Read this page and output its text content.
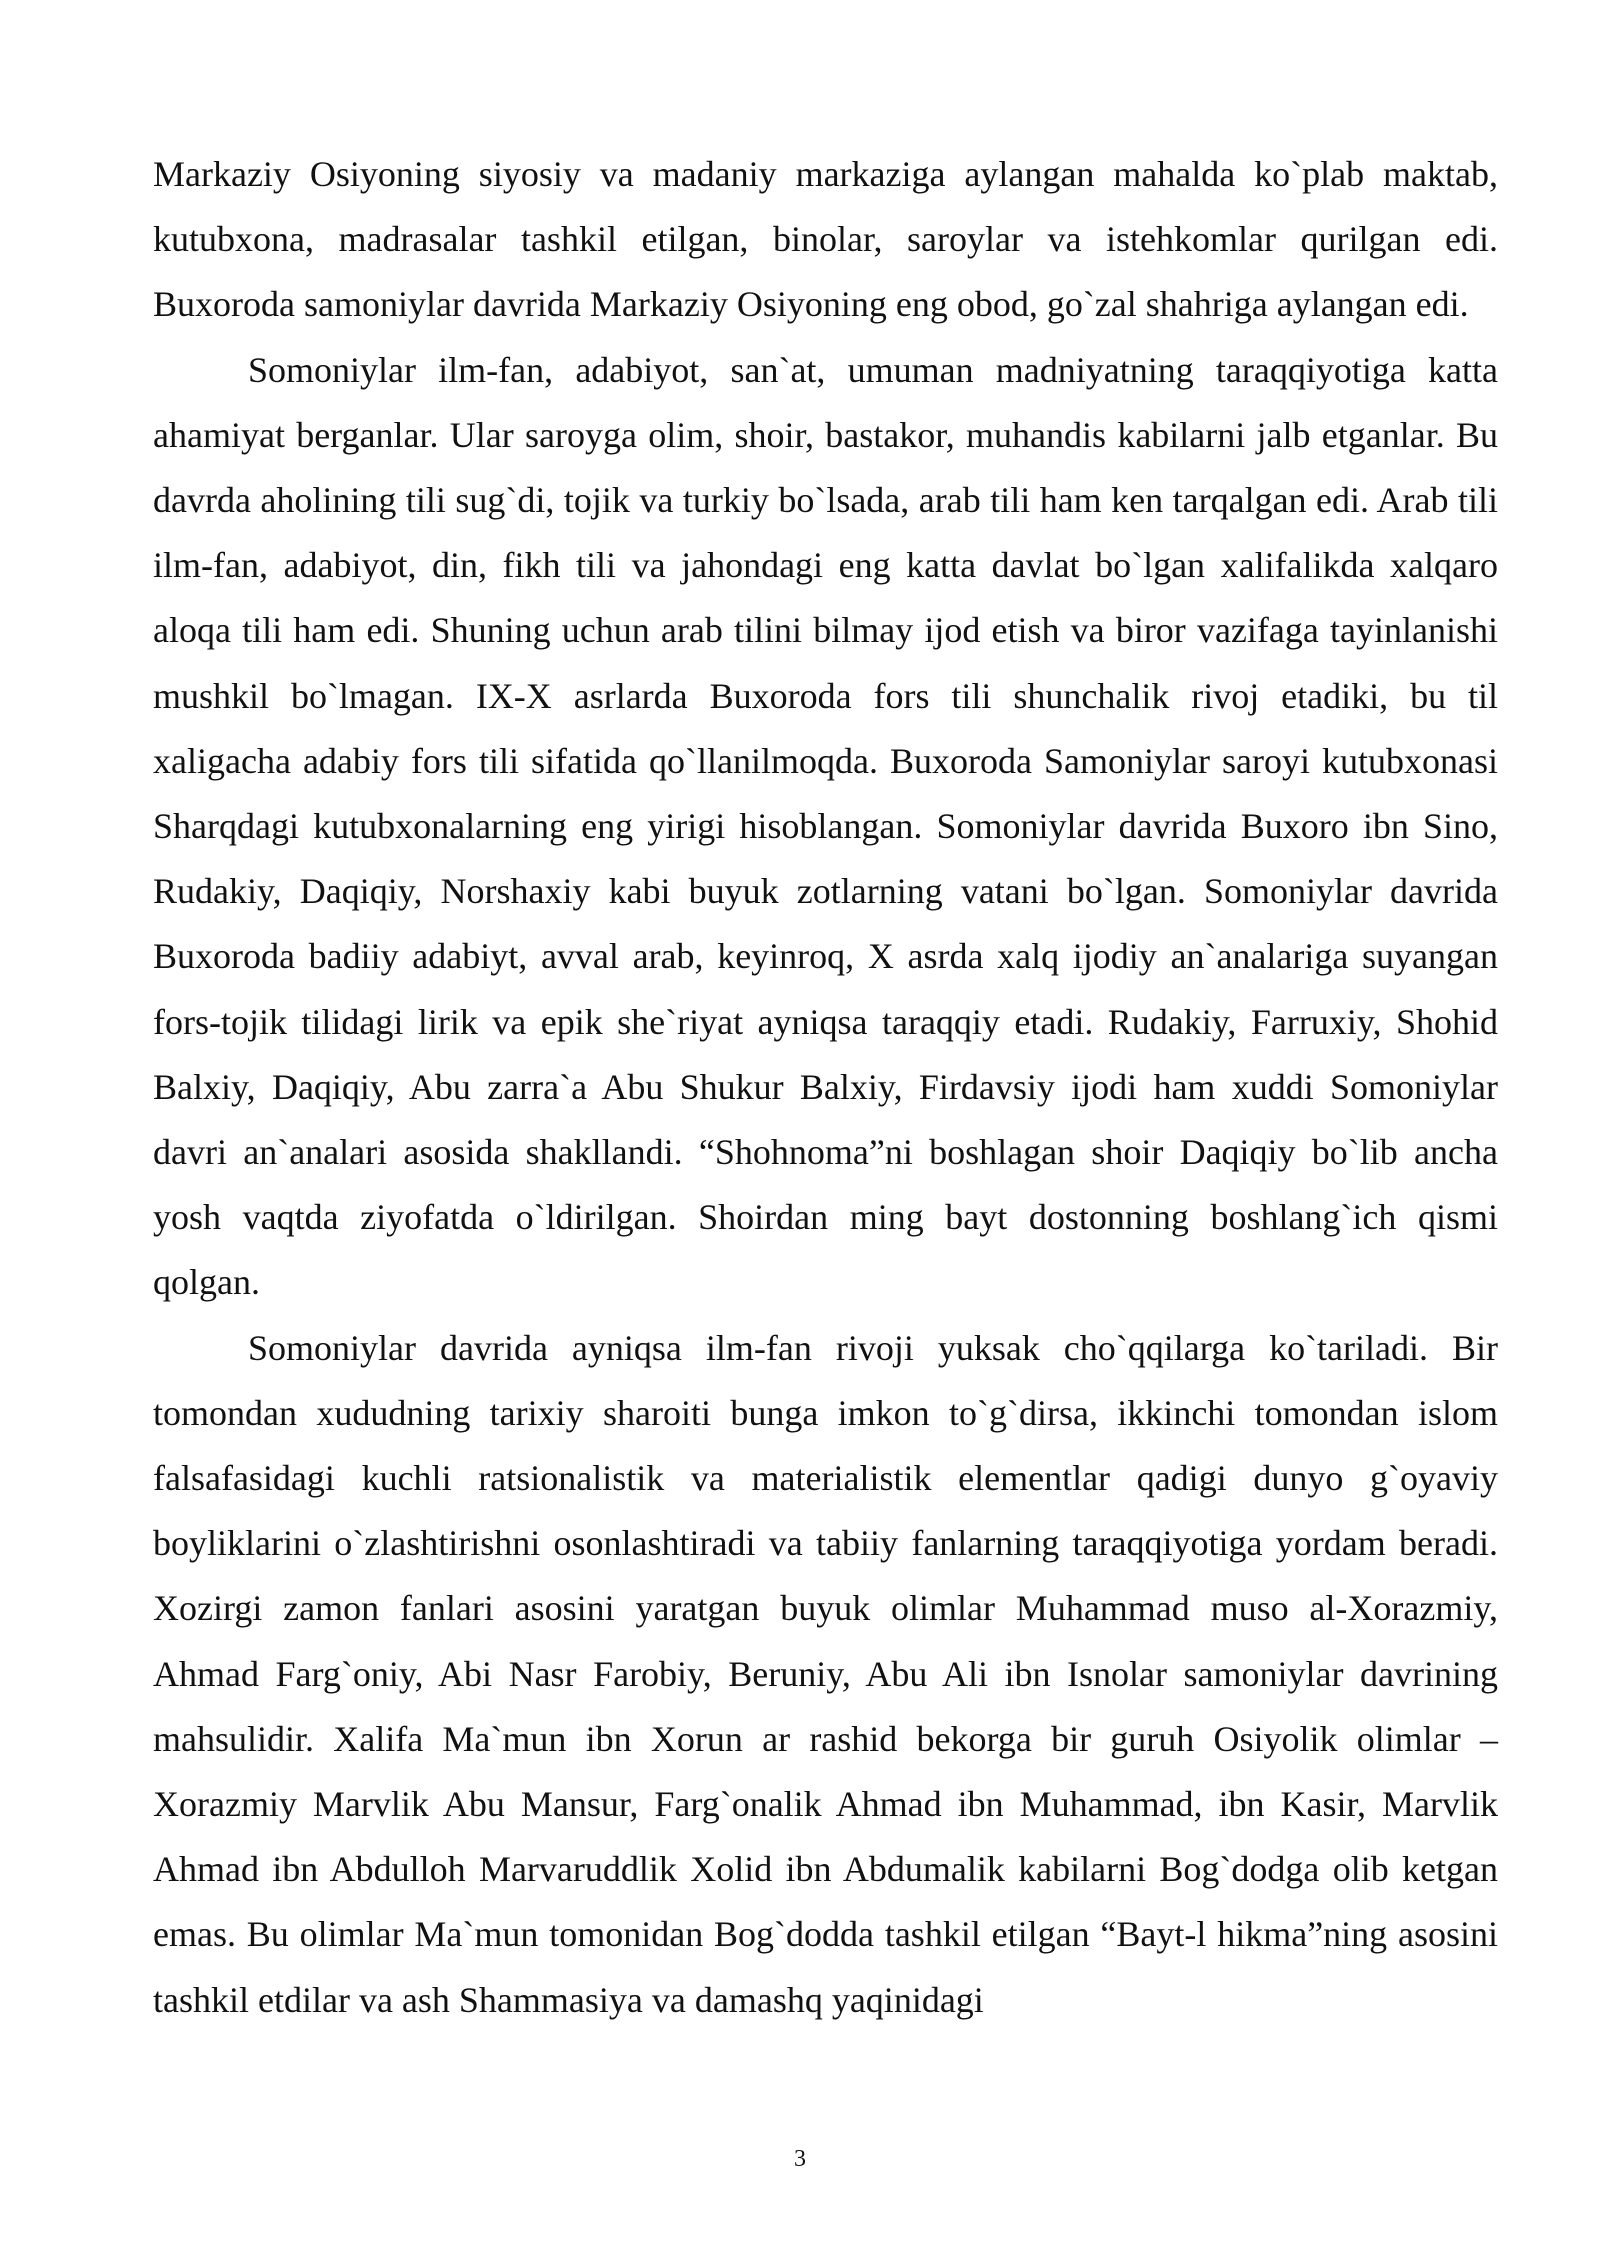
Markaziy Osiyoning siyosiy va madaniy markaziga aylangan mahalda ko`plab maktab, kutubxona, madrasalar tashkil etilgan, binolar, saroylar va istehkomlar qurilgan edi. Buxoroda samoniylar davrida Markaziy Osiyoning eng obod, go`zal shahriga aylangan edi.

Somoniylar ilm-fan, adabiyot, san`at, umuman madniyatning taraqqiyotiga katta ahamiyat berganlar. Ular saroyga olim, shoir, bastakor, muhandis kabilarni jalb etganlar. Bu davrda aholining tili sug`di, tojik va turkiy bo`lsada, arab tili ham ken tarqalgan edi. Arab tili ilm-fan, adabiyot, din, fikh tili va jahondagi eng katta davlat bo`lgan xalifalikda xalqaro aloqa tili ham edi. Shuning uchun arab tilini bilmay ijod etish va biror vazifaga tayinlanishi mushkil bo`lmagan. IX-X asrlarda Buxoroda fors tili shunchalik rivoj etadiki, bu til xaligacha adabiy fors tili sifatida qo`llanilmoqda. Buxoroda Samoniylar saroyi kutubxonasi Sharqdagi kutubxonalarning eng yirigi hisoblangan. Somoniylar davrida Buxoro ibn Sino, Rudakiy, Daqiqiy, Norshaxiy kabi buyuk zotlarning vatani bo`lgan. Somoniylar davrida Buxoroda badiiy adabiyt, avval arab, keyinroq, X asrda xalq ijodiy an`analariga suyangan fors-tojik tilidagi lirik va epik she`riyat ayniqsa taraqqiy etadi. Rudakiy, Farruxiy, Shohid Balxiy, Daqiqiy, Abu zarra`a Abu Shukur Balxiy, Firdavsiy ijodi ham xuddi Somoniylar davri an`analari asosida shakllandi. “Shohnoma”ni boshlagan shoir Daqiqiy bo`lib ancha yosh vaqtda ziyofatda o`ldirilgan. Shoirdan ming bayt dostonning boshlang`ich qismi qolgan.

Somoniylar davrida ayniqsa ilm-fan rivoji yuksak cho`qqilarga ko`tariladi. Bir tomondan xududning tarixiy sharoiti bunga imkon to`g`dirsa, ikkinchi tomondan islom falsafasidagi kuchli ratsionalistik va materialistik elementlar qadigi dunyo g`oyaviy boyliklarini o`zlashtirishni osonlashtiradi va tabiiy fanlarning taraqqiyotiga yordam beradi. Xozirgi zamon fanlari asosini yaratgan buyuk olimlar Muhammad muso al-Xorazmiy, Ahmad Farg`oniy, Abi Nasr Farobiy, Beruniy, Abu Ali ibn Isnolar samoniylar davrining mahsulidir. Xalifa Ma`mun ibn Xorun ar rashid bekorga bir guruh Osiyolik olimlar – Xorazmiy Marvlik Abu Mansur, Farg`onalik Ahmad ibn Muhammad, ibn Kasir, Marvlik Ahmad ibn Abdulloh Marvaruddlik Xolid ibn Abdumalik kabilarni Bog`dodga olib ketgan emas. Bu olimlar Ma`mun tomonidan Bog`dodda tashkil etilgan “Bayt-l hikma”ning asosini tashkil etdilar va ash Shammasiya va damashq yaqinidagi

3
